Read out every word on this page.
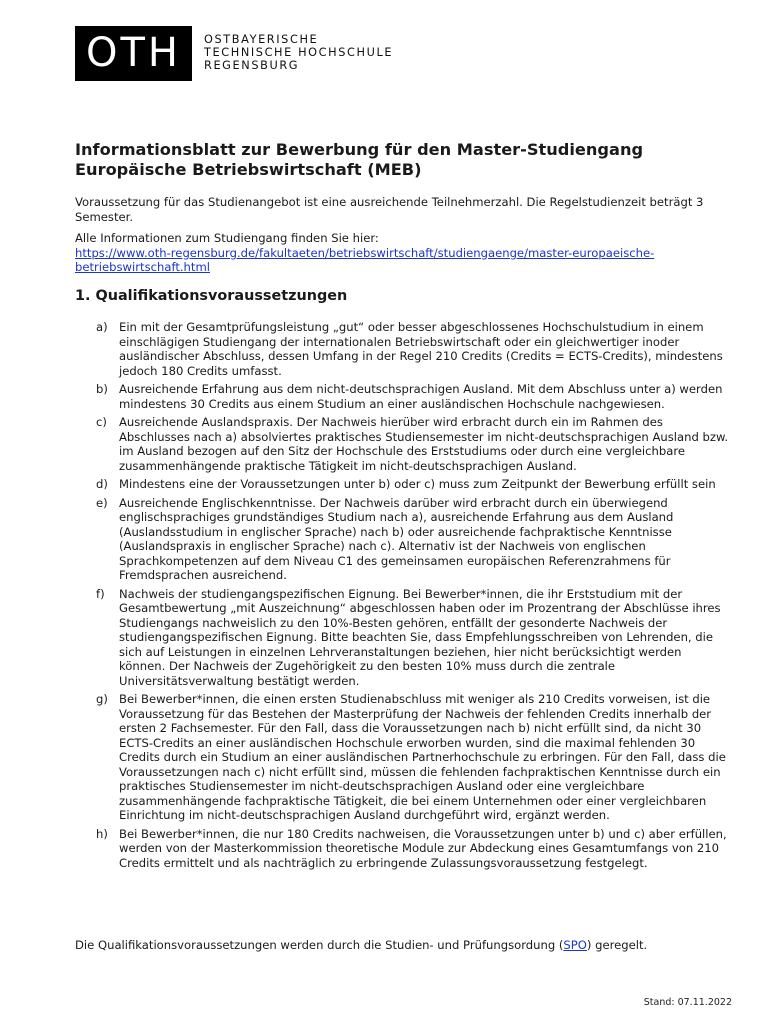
OTH	OSTBAYERISCHE
TECHNISCHE HOCHSCHULE
REGENSBURG
Informationsblatt zur Bewerbung für den Master-Studiengang
Europäische Betriebswirtschaft (MEB)

Voraussetzung für das Studienangebot ist eine ausreichende Teilnehmerzahl. Die Regelstudienzeit beträgt 3 Semester.

Alle Informationen zum Studiengang finden Sie hier:
https://www.oth-regensburg.de/fakultaeten/betriebswirtschaft/studiengaenge/master-europaeische-betriebswirtschaft.html

1. Qualifikationsvoraussetzungen
a) Ein mit der Gesamtprüfungsleistung „gut“ oder besser abgeschlossenes Hochschulstudium in einem einschlägigen Studiengang der internationalen Betriebswirtschaft oder ein gleichwertiger inoder ausländischer Abschluss, dessen Umfang in der Regel 210 Credits (Credits = ECTS-Credits), mindestens jedoch 180 Credits umfasst.
b) Ausreichende Erfahrung aus dem nicht-deutschsprachigen Ausland. Mit dem Abschluss unter a) werden mindestens 30 Credits aus einem Studium an einer ausländischen Hochschule nachgewiesen.
c)	Ausreichende Auslandspraxis. Der Nachweis hierüber wird erbracht durch ein im Rahmen des Abschlusses nach a) absolviertes praktisches Studiensemester im nicht-deutschsprachigen Ausland bzw. im Ausland bezogen auf den Sitz der Hochschule des Erststudiums oder durch eine vergleichbare zusammenhängende praktische Tätigkeit im nicht-deutschsprachigen Ausland.
d) Mindestens eine der Voraussetzungen unter b) oder c) muss zum Zeitpunkt der Bewerbung erfüllt sein
e) Ausreichende Englischkenntnisse. Der Nachweis darüber wird erbracht durch ein überwiegend englischsprachiges grundständiges Studium nach a), ausreichende Erfahrung aus dem Ausland (Auslandsstudium in englischer Sprache) nach b) oder ausreichende fachpraktische Kenntnisse (Auslandspraxis in englischer Sprache) nach c). Alternativ ist der Nachweis von englischen Sprachkompetenzen auf dem Niveau C1 des gemeinsamen europäischen Referenzrahmens für Fremdsprachen ausreichend.
f)	Nachweis der studiengangspezifischen Eignung. Bei Bewerber*innen, die ihr Erststudium mit der Gesamtbewertung „mit Auszeichnung“ abgeschlossen haben oder im Prozentrang der Abschlüsse ihres Studiengangs nachweislich zu den 10%-Besten gehören, entfällt der gesonderte Nachweis der studiengangspezifischen Eignung. Bitte beachten Sie, dass Empfehlungsschreiben von Lehrenden, die sich auf Leistungen in einzelnen Lehrveranstaltungen beziehen, hier nicht berücksichtigt werden können. Der Nachweis der Zugehörigkeit zu den besten 10% muss durch die zentrale Universitätsverwaltung bestätigt werden.
g) Bei Bewerber*innen, die einen ersten Studienabschluss mit weniger als 210 Credits vorweisen, ist die Voraussetzung für das Bestehen der Masterprüfung der Nachweis der fehlenden Credits innerhalb der ersten 2 Fachsemester. Für den Fall, dass die Voraussetzungen nach b) nicht erfüllt sind, da nicht 30 ECTS-Credits an einer ausländischen Hochschule erworben wurden, sind die maximal fehlenden 30 Credits durch ein Studium an einer ausländischen Partnerhochschule zu erbringen. Für den Fall, dass die Voraussetzungen nach c) nicht erfüllt sind, müssen die fehlenden fachpraktischen Kenntnisse durch ein praktisches Studiensemester im nicht-deutschsprachigen Ausland oder eine vergleichbare zusammenhängende fachpraktische Tätigkeit, die bei einem Unternehmen oder einer vergleichbaren Einrichtung im nicht-deutschsprachigen Ausland durchgeführt wird, ergänzt werden.
h) Bei Bewerber*innen, die nur 180 Credits nachweisen, die Voraussetzungen unter b) und c) aber erfüllen, werden von der Masterkommission theoretische Module zur Abdeckung eines Gesamtumfangs von 210 Credits ermittelt und als nachträglich zu erbringende Zulassungsvoraussetzung festgelegt.
Die Qualifikationsvoraussetzungen werden durch die Studien- und Prüfungsordung (SPO) geregelt.
Stand: 07.11.2022
